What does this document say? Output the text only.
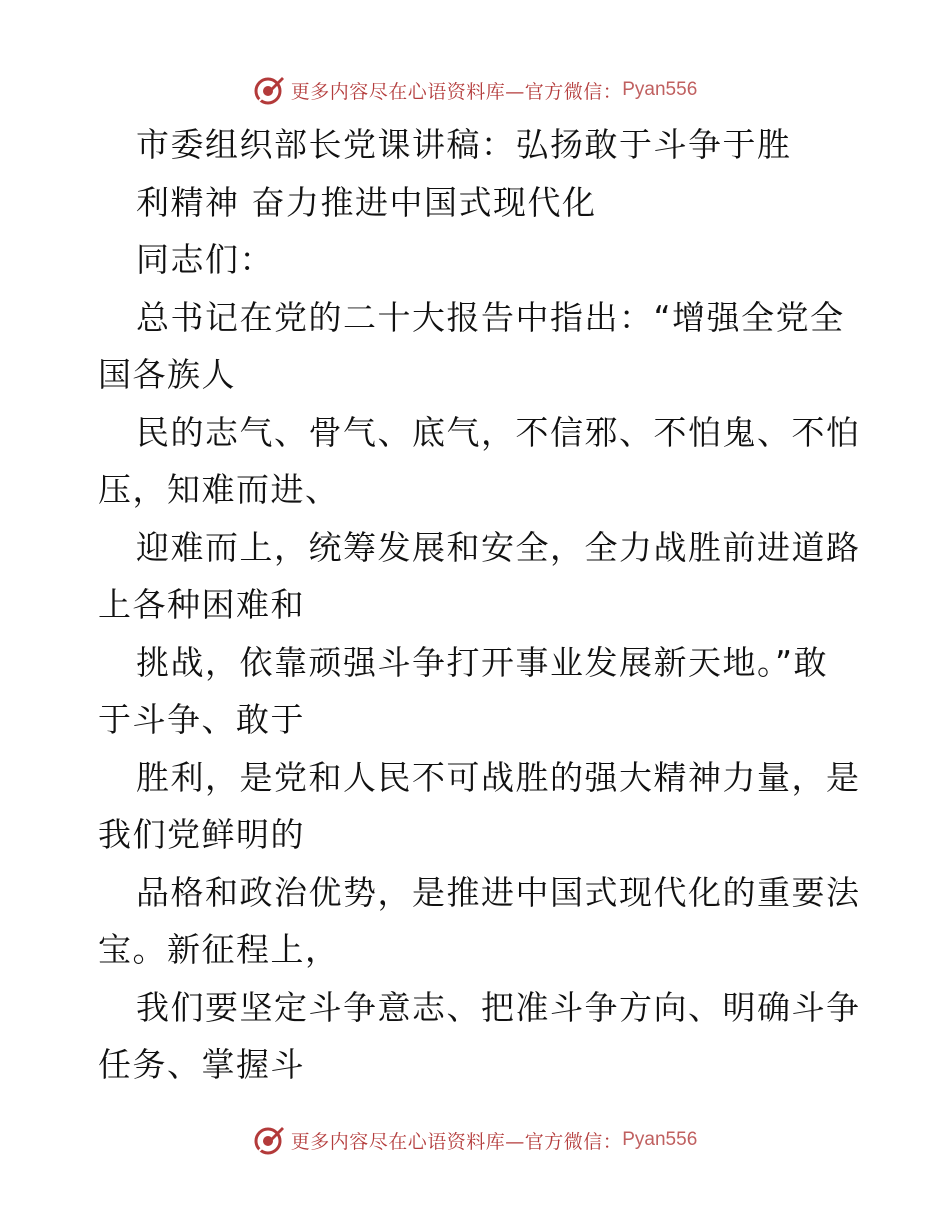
更多内容尽在心语资料库—官方微信： Pyan556
市委组织部长党课讲稿：弘扬敢于斗争于胜
利精神 奋力推进中国式现代化
同志们：
总书记在党的二十大报告中指出：“增强全党全
国各族人
民的志气、骨气、底气，不信邪、不怕鬼、不怕
压，知难而进、
迎难而上，统筹发展和安全，全力战胜前进道路
上各种困难和
挑战，依靠顽强斗争打开事业发展新天地。”敢
于斗争、敢于
胜利，是党和人民不可战胜的强大精神力量，是
我们党鲜明的
品格和政治优势，是推进中国式现代化的重要法
宝。新征程上，
我们要坚定斗争意志、把准斗争方向、明确斗争
任务、掌握斗
更多内容尽在心语资料库—官方微信： Pyan556
